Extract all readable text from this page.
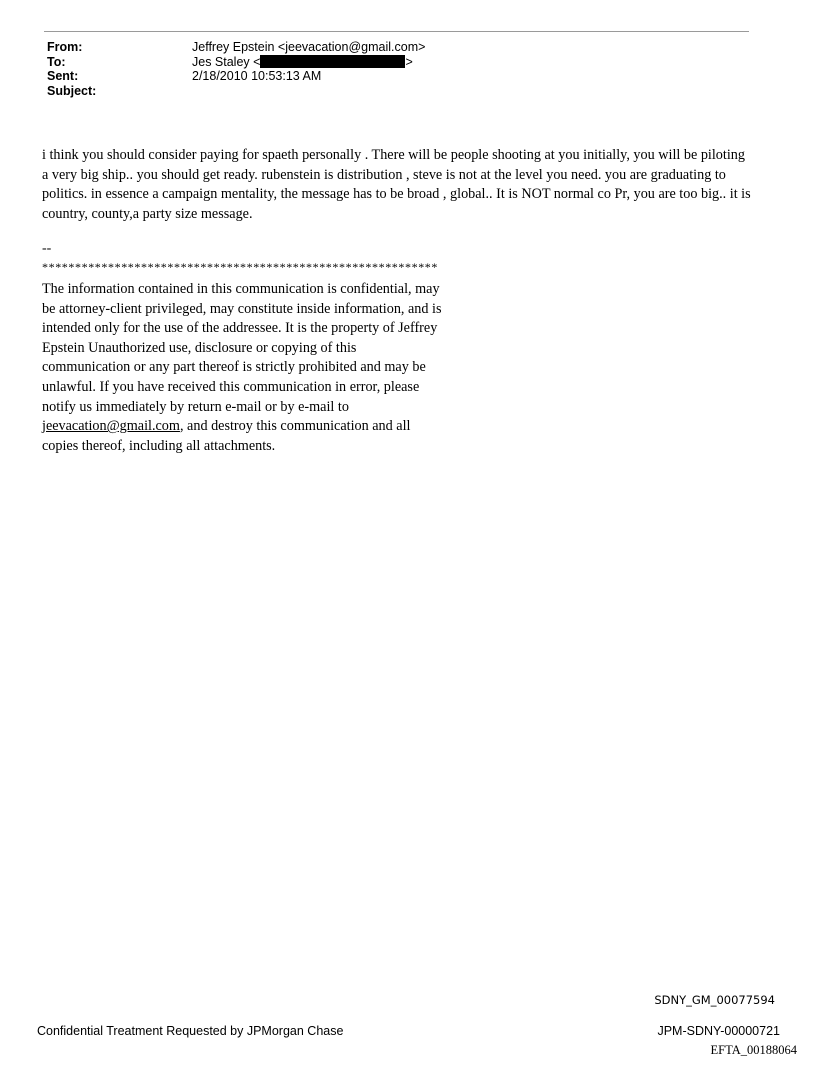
From:	Jeffrey Epstein <jeevacation@gmail.com>
To:	Jes Staley <	>
Sent:	2/18/2010 10:53:13 AM
Subject:

i think you should consider paying for spaeth personally . There will be people shooting at you initially, you will be piloting a very big ship.. you should get ready. rubenstein is distribution , steve is not at the level you need. you are graduating to politics. in essence a campaign mentality, the message has to be broad , global.. It is NOT normal co Pr, you are too big.. it is country, county,a party size message.

--
************************************************************

The information contained in this communication is confidential, may be attorney-client privileged, may constitute inside information, and is intended only for the use of the addressee. It is the property of Jeffrey Epstein Unauthorized use, disclosure or copying of this communication or any part thereof is strictly prohibited and may be unlawful. If you have received this communication in error, please notify us immediately by return e-mail or by e-mail to jeevacation@gmail.com, and destroy this communication and all copies thereof, including all attachments.

SDNY_GM_00077594
Confidential Treatment Requested by JPMorgan Chase	JPM-SDNY-00000721
EFTA_00188064
